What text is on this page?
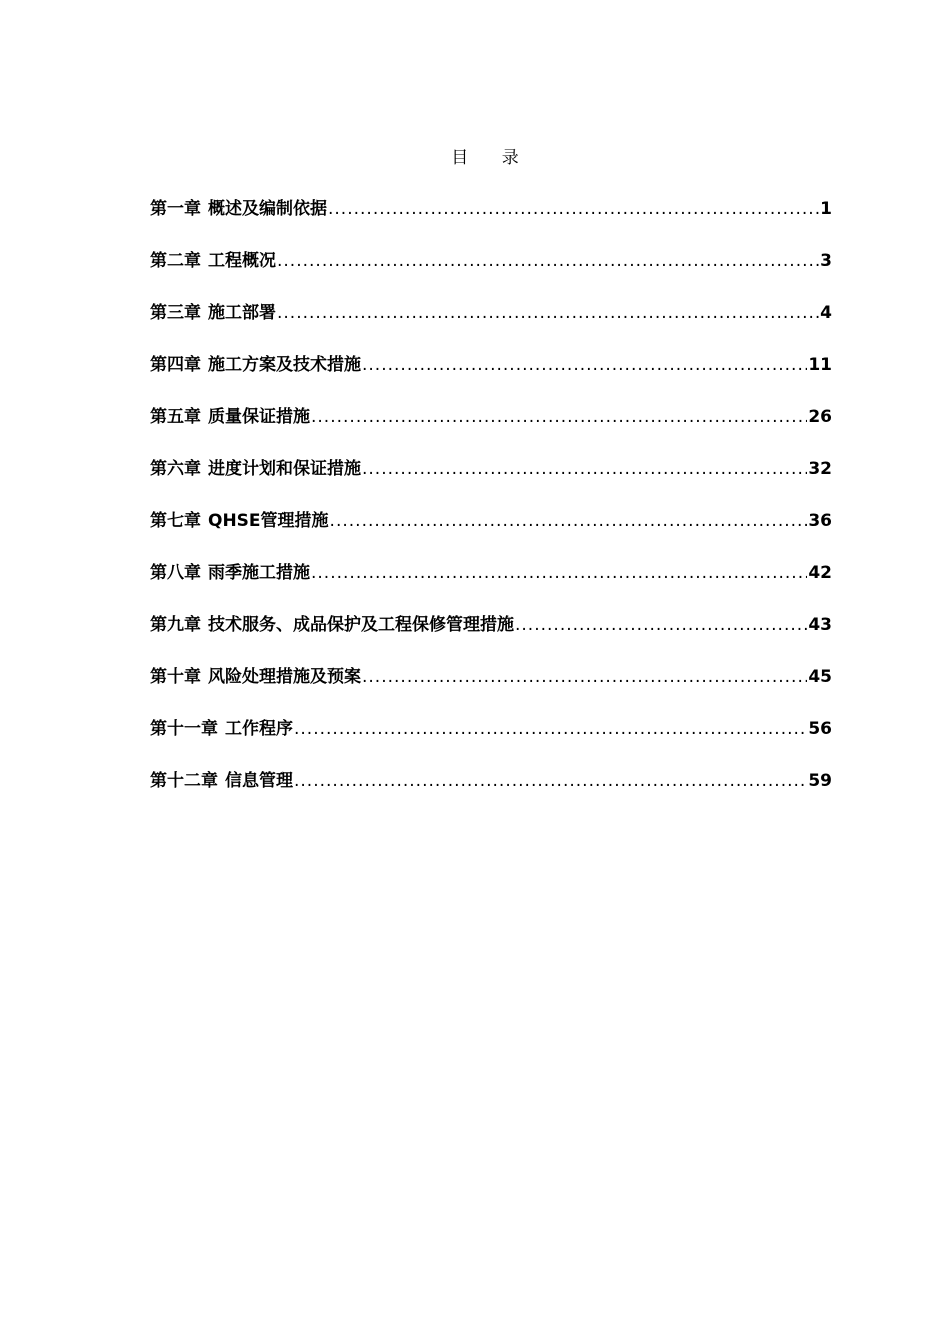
目 录
第一章 概述及编制依据 .....	1
第二章 工程概况 .....	3
第三章 施工部署 .....	4
第四章 施工方案及技术措施 .....	11
第五章 质量保证措施 .....	26
第六章 进度计划和保证措施 .....	32
第七章 QHSE管理措施 .....	36
第八章 雨季施工措施 .....	42
第九章 技术服务、成品保护及工程保修管理措施 .....	43
第十章 风险处理措施及预案 .....	45
第十一章 工作程序 .....	56
第十二章 信息管理 .....	59
